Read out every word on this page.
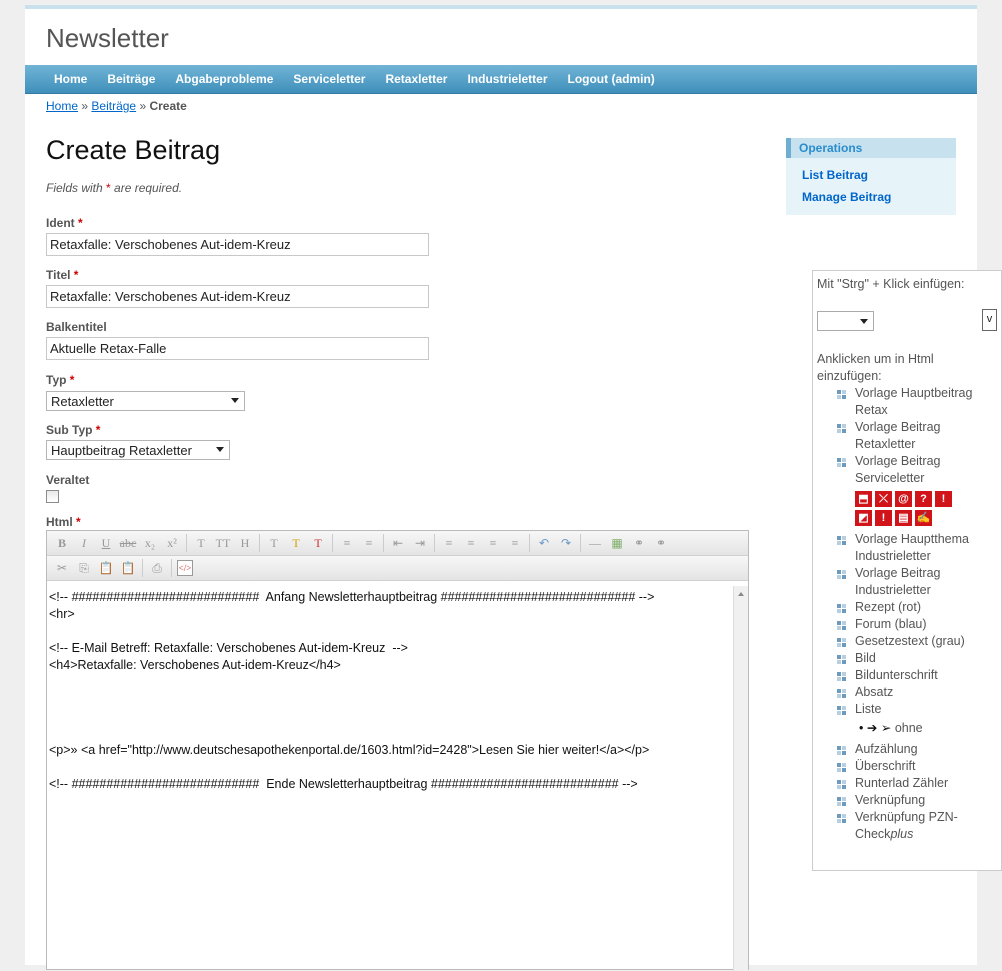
Newsletter
Home	Beiträge	Abgabeprobleme	Serviceletter	Retaxletter	Industrieletter	Logout (admin)
Home » Beiträge » Create
Create Beitrag
Fields with * are required.
Ident *
Retaxfalle: Verschobenes Aut-idem-Kreuz
Titel *
Retaxfalle: Verschobenes Aut-idem-Kreuz
Balkentitel
Aktuelle Retax-Falle
Typ *
Retaxletter
Sub Typ *
Hauptbeitrag Retaxletter
Veraltet
Html *
B	I	U abc x₂	x²	T TT H	T	T	T	≡	≡	⇤ ⇥	≡	≡	≡	≡	↶ ↷	— ▦ ⚭ ⚭
✂	⎘ 📋 📋	⎙	</>
<!-- ###########################  Anfang Newsletterhauptbeitrag ############################ -->
<hr>
<!-- E-Mail Betreff: Retaxfalle: Verschobenes Aut-idem-Kreuz  -->
<h4>Retaxfalle: Verschobenes Aut-idem-Kreuz</h4>
<p>» <a href="http://www.deutschesapothekenportal.de/1603.html?id=2428">Lesen Sie hier weiter!</a></p>
<!-- ###########################  Ende Newsletterhauptbeitrag ########################### -->
Operations
List Beitrag
Manage Beitrag
Mit "Strg" + Klick einfügen:
v
Anklicken um in Html einzufügen:
Vorlage Hauptbeitrag Retax
Vorlage Beitrag Retaxletter
Vorlage Beitrag Serviceletter
⬒ ⤫ @	?	!
◩	!	▤ ✍
Vorlage Hauptthema Industrieletter
Vorlage Beitrag Industrieletter
Rezept (rot)
Forum (blau)
Gesetzestext (grau)
Bild
Bildunterschrift
Absatz
Liste
• ➔ ➢ ohne
Aufzählung
Überschrift
Runterlad Zähler
Verknüpfung
Verknüpfung PZN-Checkplus
